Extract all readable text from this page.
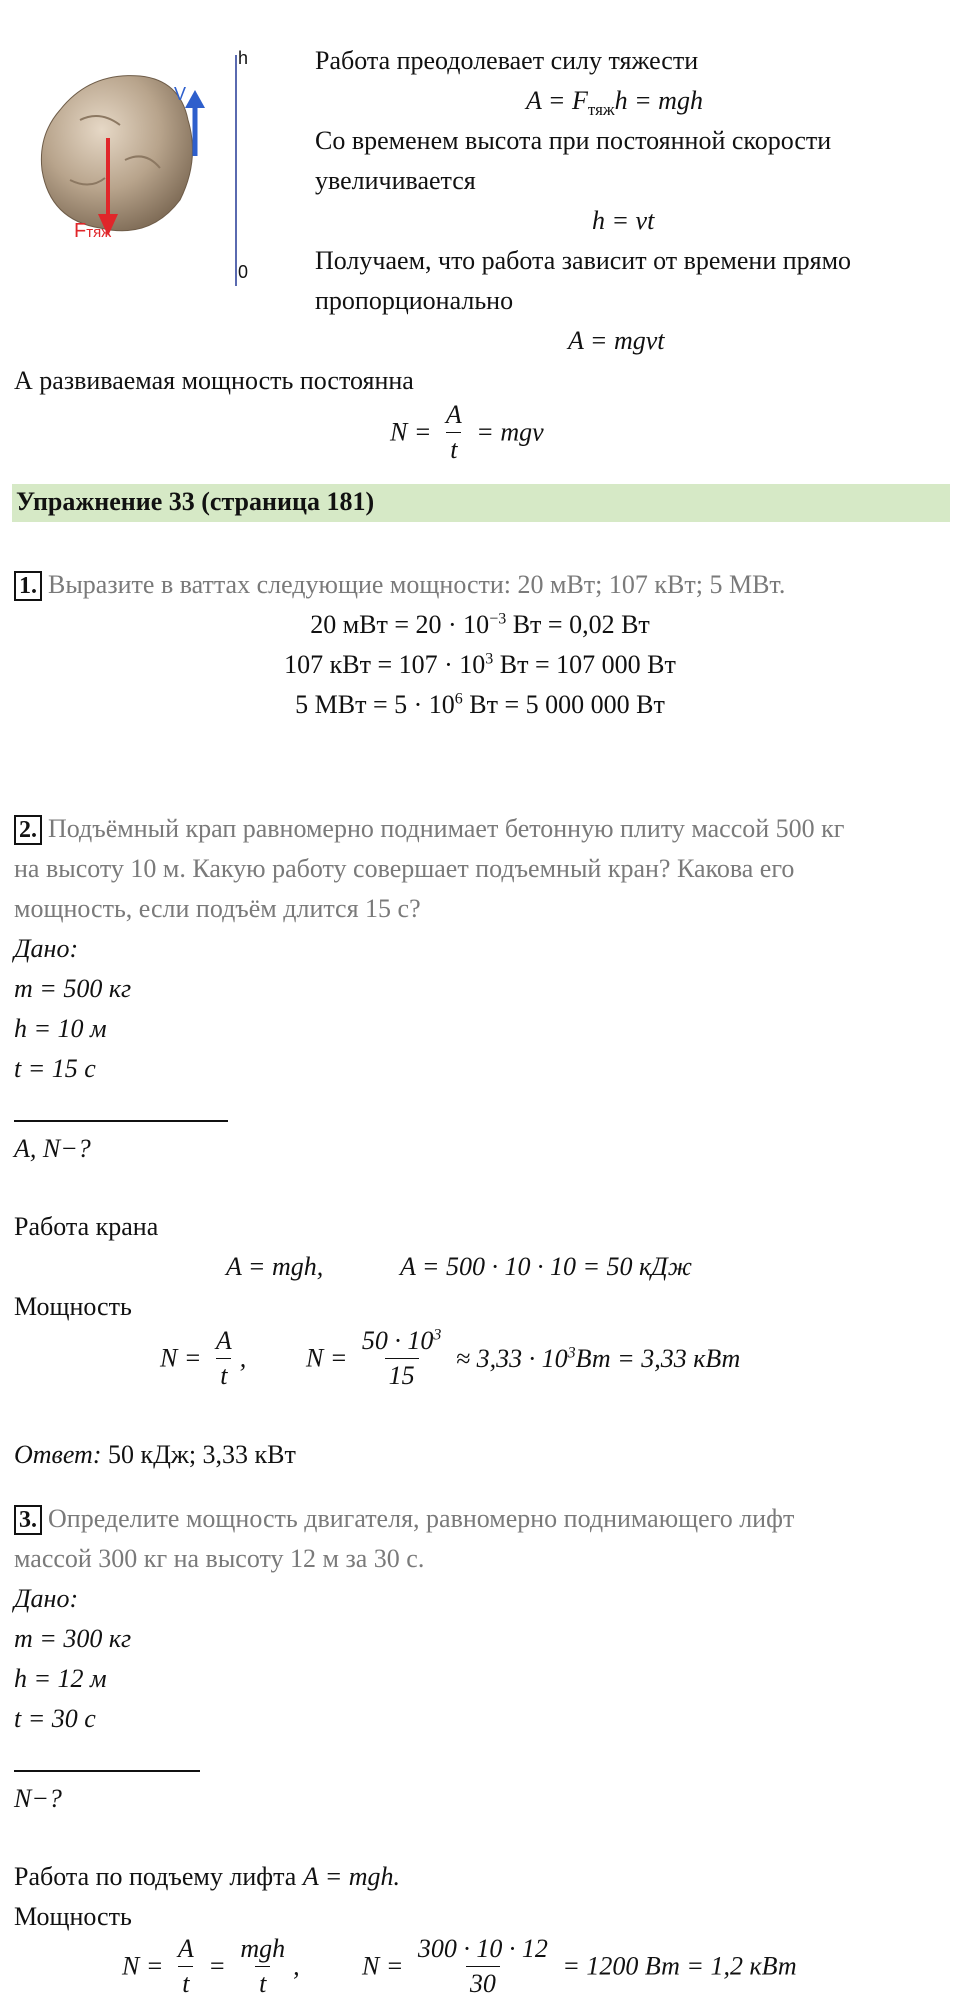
h
0
V
Fтяж
Работа преодолевает силу тяжести
$A = F_{тяж}h$ = mgh
Со временем высота при постоянной скорости
увеличивается
h = vt
Получаем, что работа зависит от времени прямо
пропорционально
A = mgvt
А развиваемая мощность постоянна
$N = \frac{A}{t}$ = mgv
Упражнение 33 (страница 181)
1. Выразите в ваттах следующие мощности: 20 мВт; 107 кВт; 5 МВт.
20 мВт = $20 \cdot 10^{-3}$ Вт = 0,02 Вт
107 кВт = $107 \cdot 10^3$ Вт = 107 000 Вт
5 МВт = $5 \cdot 10^6$ Вт = 5 000 000 Вт
2. Подъёмный крап равномерно поднимает бетонную плиту массой 500 кг
на высоту 10 м. Какую работу совершает подъемный кран? Какова его
мощность, если подъём длится 15 с?
Дано:
m = 500 кг
h = 10 м
t = 15 с
A, N−?
Работа крана
A = mgh,	A = 500 · 10 · 10 = 50 кДж
Мощность
$N = \frac{A}{t}$ , $N = \frac{50 \cdot 10^3}{15} \approx 3,33 \cdot 10^3Вт = 3,33$ кВт
Ответ: 50 кДж; 3,33 кВт
3. Определите мощность двигателя, равномерно поднимающего лифт
массой 300 кг на высоту 12 м за 30 с.
Дано:
m = 300 кг
h = 12 м
t = 30 с
N−?
Работа по подъему лифта A = mgh.
Мощность
$N = \frac{A}{t} = \frac{\text{mgh}}{t}$ , $N = \frac{300 \cdot 10 \cdot 12}{30} = 1200$ Вт = 1,2 кВт
